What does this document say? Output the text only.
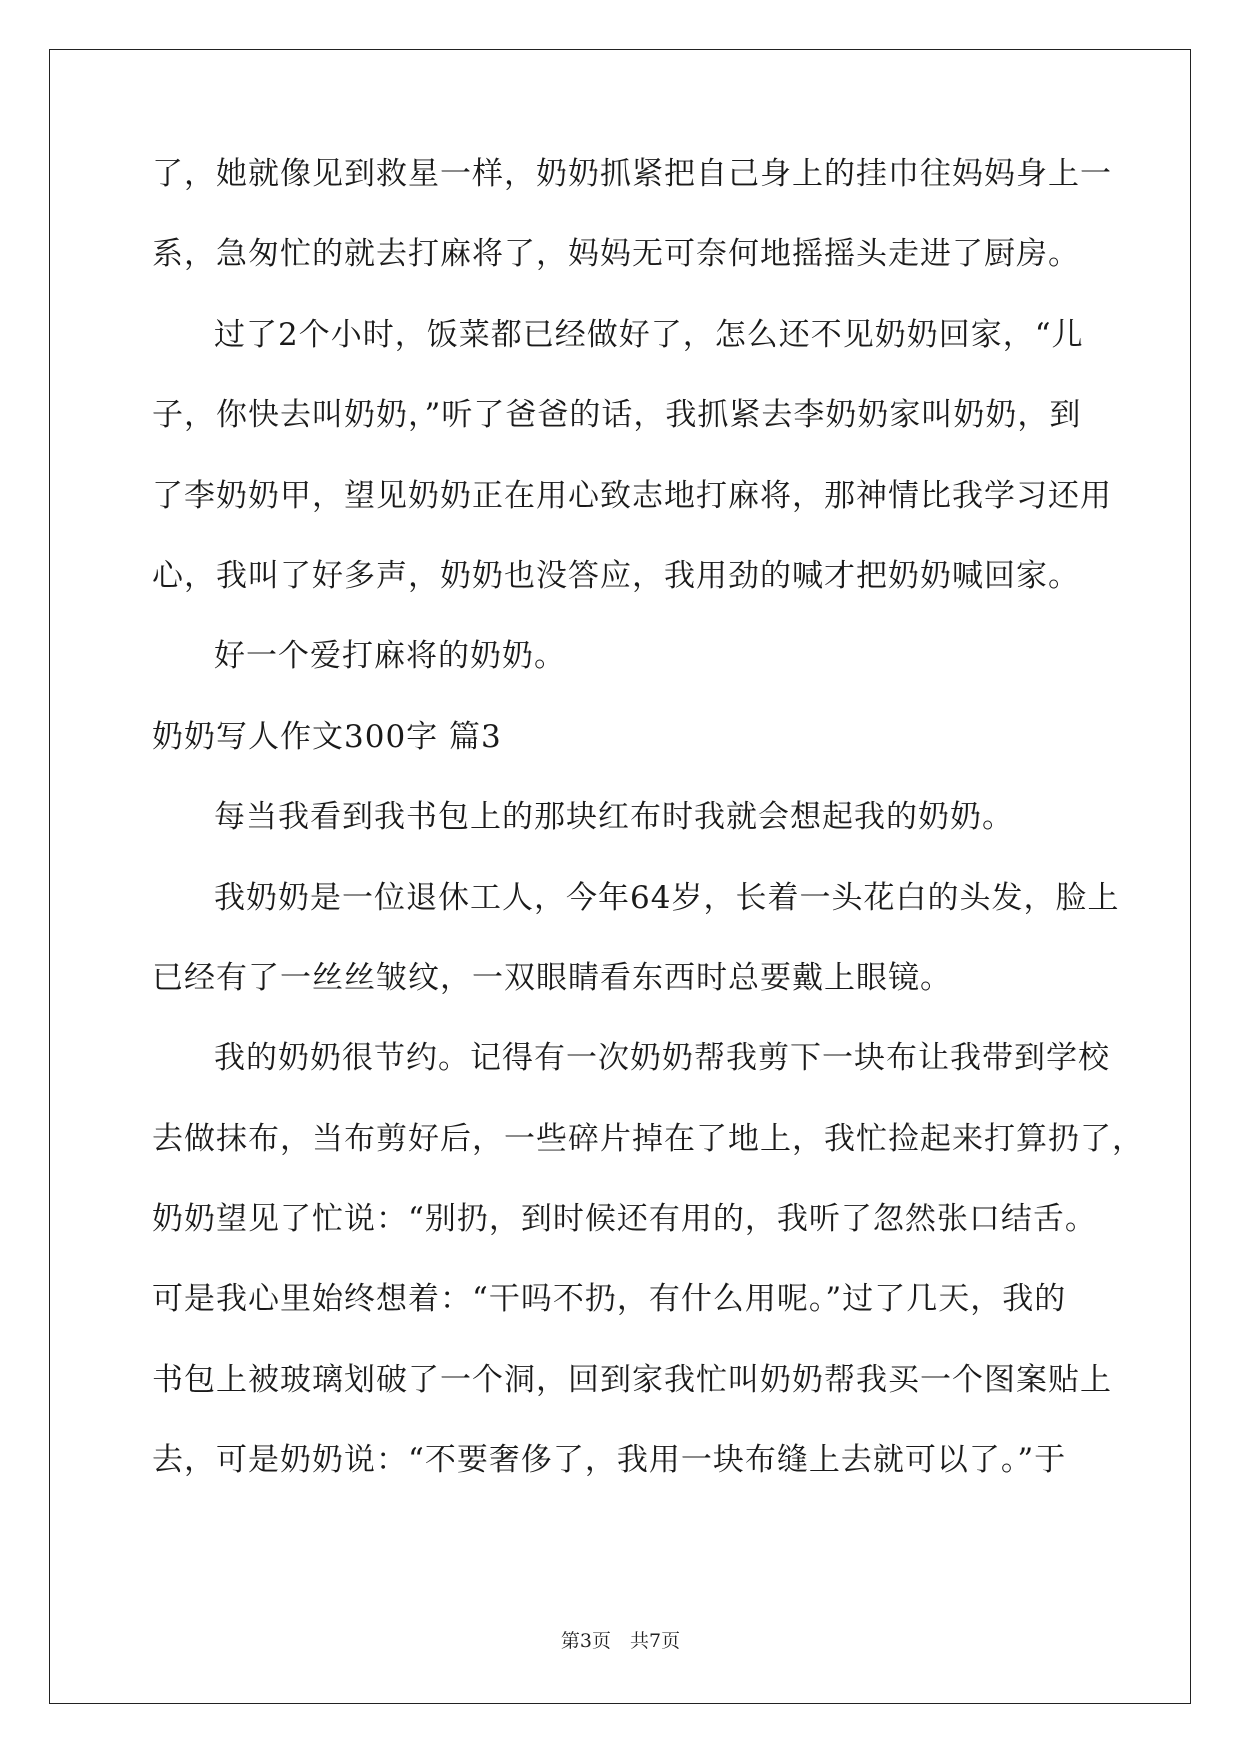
了，她就像见到救星一样，奶奶抓紧把自己身上的挂巾往妈妈身上一
系，急匆忙的就去打麻将了，妈妈无可奈何地摇摇头走进了厨房。
过了2个小时，饭菜都已经做好了，怎么还不见奶奶回家，“儿
子，你快去叫奶奶，”听了爸爸的话，我抓紧去李奶奶家叫奶奶，到
了李奶奶甲，望见奶奶正在用心致志地打麻将，那神情比我学习还用
心，我叫了好多声，奶奶也没答应，我用劲的喊才把奶奶喊回家。
好一个爱打麻将的奶奶。
奶奶写人作文300字 篇3
每当我看到我书包上的那块红布时我就会想起我的奶奶。
我奶奶是一位退休工人，今年64岁，长着一头花白的头发，脸上
已经有了一丝丝皱纹，一双眼睛看东西时总要戴上眼镜。
我的奶奶很节约。记得有一次奶奶帮我剪下一块布让我带到学校
去做抹布，当布剪好后，一些碎片掉在了地上，我忙捡起来打算扔了，
奶奶望见了忙说：“别扔，到时候还有用的，我听了忽然张口结舌。
可是我心里始终想着：“干吗不扔，有什么用呢。”过了几天，我的
书包上被玻璃划破了一个洞，回到家我忙叫奶奶帮我买一个图案贴上
去，可是奶奶说：“不要奢侈了，我用一块布缝上去就可以了。”于
第3页　共7页
